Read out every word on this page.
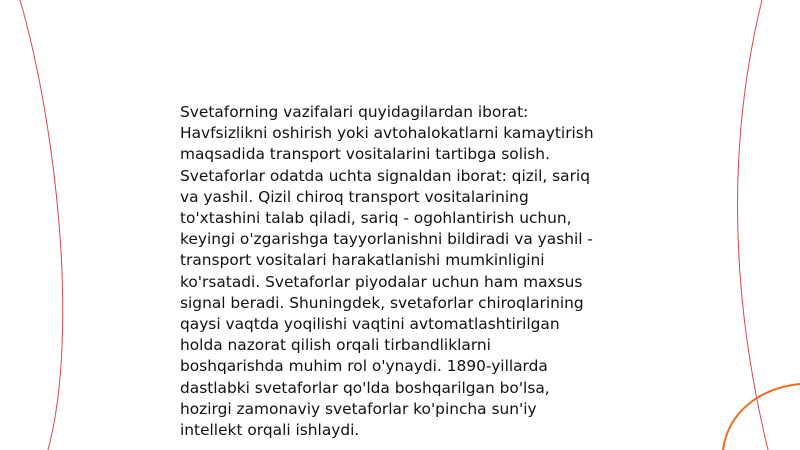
Svetaforning vazifalari quyidagilardan iborat:
Havfsizlikni oshirish yoki avtohalokatlarni kamaytirish
maqsadida transport vositalarini tartibga solish.
Svetaforlar odatda uchta signaldan iborat: qizil, sariq
va yashil. Qizil chiroq transport vositalarining
to'xtashini talab qiladi, sariq - ogohlantirish uchun,
keyingi o'zgarishga tayyorlanishni bildiradi va yashil -
transport vositalari harakatlanishi mumkinligini
ko'rsatadi. Svetaforlar piyodalar uchun ham maxsus
signal beradi. Shuningdek, svetaforlar chiroqlarining
qaysi vaqtda yoqilishi vaqtini avtomatlashtirilgan
holda nazorat qilish orqali tirbandliklarni
boshqarishda muhim rol o'ynaydi. 1890-yillarda
dastlabki svetaforlar qo'lda boshqarilgan bo'lsa,
hozirgi zamonaviy svetaforlar ko'pincha sun'iy
intellekt orqali ishlaydi.
